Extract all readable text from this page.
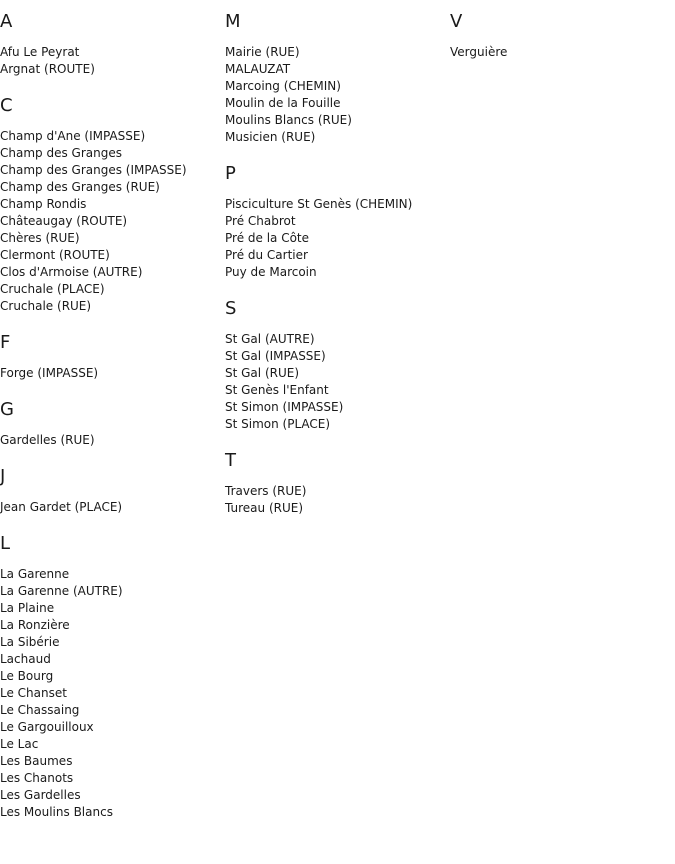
A
Afu Le Peyrat
Argnat (ROUTE)
C
Champ d'Ane (IMPASSE)
Champ des Granges
Champ des Granges (IMPASSE)
Champ des Granges (RUE)
Champ Rondis
Châteaugay (ROUTE)
Chères (RUE)
Clermont (ROUTE)
Clos d'Armoise (AUTRE)
Cruchale (PLACE)
Cruchale (RUE)
F
Forge (IMPASSE)
G
Gardelles (RUE)
J
Jean Gardet (PLACE)
L
La Garenne
La Garenne (AUTRE)
La Plaine
La Ronzière
La Sibérie
Lachaud
Le Bourg
Le Chanset
Le Chassaing
Le Gargouilloux
Le Lac
Les Baumes
Les Chanots
Les Gardelles
Les Moulins Blancs
M
Mairie (RUE)
MALAUZAT
Marcoing (CHEMIN)
Moulin de la Fouille
Moulins Blancs (RUE)
Musicien (RUE)
P
Pisciculture St Genès (CHEMIN)
Pré Chabrot
Pré de la Côte
Pré du Cartier
Puy de Marcoin
S
St Gal (AUTRE)
St Gal (IMPASSE)
St Gal (RUE)
St Genès l'Enfant
St Simon (IMPASSE)
St Simon (PLACE)
T
Travers (RUE)
Tureau (RUE)
V
Verguière
